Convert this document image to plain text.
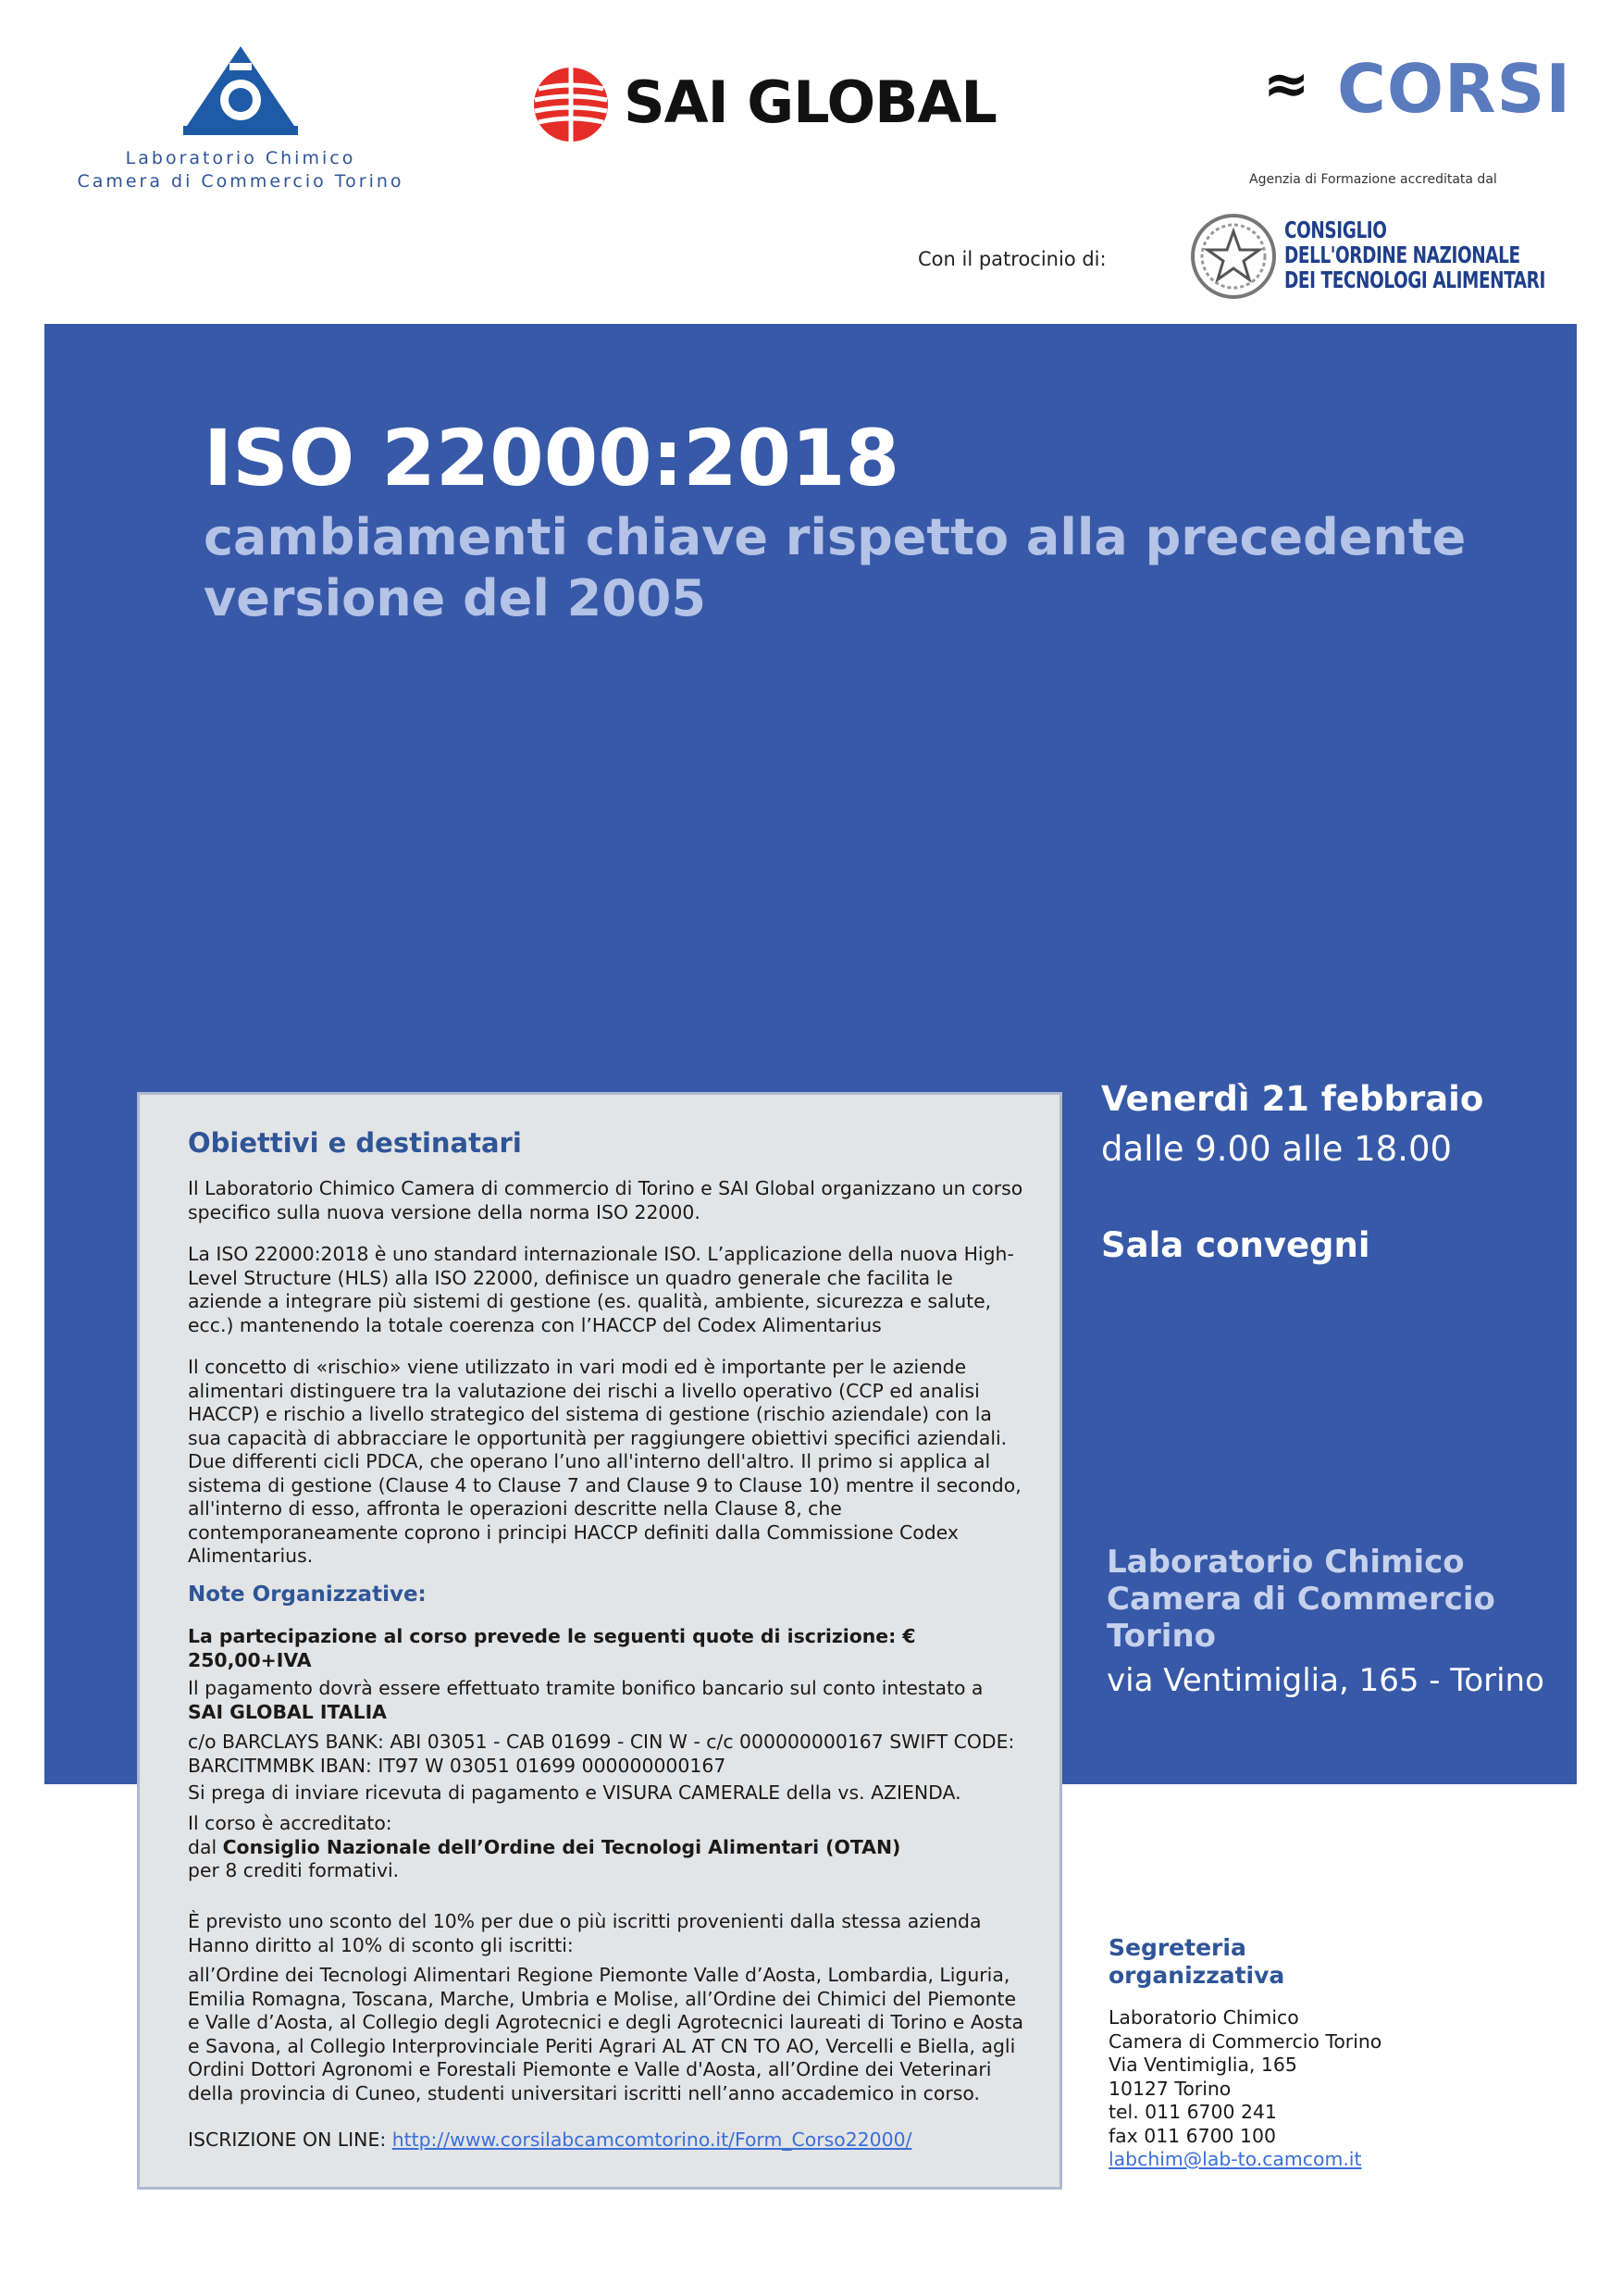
Laboratorio Chimico
Camera di Commercio Torino
SAI GLOBAL	≈ CORSI
Agenzia di Formazione accreditata dal
Con il patrocinio di:
CONSIGLIO
DELL'ORDINE NAZIONALE
DEI TECNOLOGI ALIMENTARI
ISO 22000:2018
cambiamenti chiave rispetto alla precedente versione del 2005
Venerdì 21 febbraio
dalle 9.00 alle 18.00
Sala convegni
Laboratorio Chimico Camera di Commercio Torino
via Ventimiglia, 165 - Torino
Obiettivi e destinatari
Il Laboratorio Chimico Camera di commercio di Torino e SAI Global organizzano un corso specifico sulla nuova versione della norma ISO 22000.
La ISO 22000:2018 è uno standard internazionale ISO. L’applicazione della nuova High-Level Structure (HLS) alla ISO 22000, definisce un quadro generale che facilita le aziende a integrare più sistemi di gestione (es. qualità, ambiente, sicurezza e salute, ecc.) mantenendo la totale coerenza con l’HACCP del Codex Alimentarius
Il concetto di «rischio» viene utilizzato in vari modi ed è importante per le aziende alimentari distinguere tra la valutazione dei rischi a livello operativo (CCP ed analisi HACCP) e rischio a livello strategico del sistema di gestione (rischio aziendale) con la sua capacità di abbracciare le opportunità per raggiungere obiettivi specifici aziendali. Due differenti cicli PDCA, che operano l’uno all'interno dell'altro. Il primo si applica al sistema di gestione (Clause 4 to Clause 7 and Clause 9 to Clause 10) mentre il secondo, all'interno di esso, affronta le operazioni descritte nella Clause 8, che contemporaneamente coprono i principi HACCP definiti dalla Commissione Codex Alimentarius.
Note Organizzative:
La partecipazione al corso prevede le seguenti quote di iscrizione: € 250,00+IVA
Il pagamento dovrà essere effettuato tramite bonifico bancario sul conto intestato a
SAI GLOBAL ITALIA
c/o BARCLAYS BANK: ABI 03051 - CAB 01699 - CIN W - c/c 000000000167 SWIFT CODE: BARCITMMBK IBAN: IT97 W 03051 01699 000000000167
Si prega di inviare ricevuta di pagamento e VISURA CAMERALE della vs. AZIENDA.
Il corso è accreditato:
dal Consiglio Nazionale dell’Ordine dei Tecnologi Alimentari (OTAN)
per 8 crediti formativi.
È previsto uno sconto del 10% per due o più iscritti provenienti dalla stessa azienda
Hanno diritto al 10% di sconto gli iscritti:
all’Ordine dei Tecnologi Alimentari Regione Piemonte Valle d’Aosta, Lombardia, Liguria, Emilia Romagna, Toscana, Marche, Umbria e Molise, all’Ordine dei Chimici del Piemonte e Valle d’Aosta, al Collegio degli Agrotecnici e degli Agrotecnici laureati di Torino e Aosta e Savona, al Collegio Interprovinciale Periti Agrari AL AT CN TO AO, Vercelli e Biella, agli Ordini Dottori Agronomi e Forestali Piemonte e Valle d'Aosta, all’Ordine dei Veterinari della provincia di Cuneo, studenti universitari iscritti nell’anno accademico in corso.
ISCRIZIONE ON LINE: http://www.corsilabcamcomtorino.it/Form_Corso22000/
Segreteria organizzativa
Laboratorio Chimico
Camera di Commercio Torino
Via Ventimiglia, 165
10127 Torino
tel. 011 6700 241
fax 011 6700 100
labchim@lab-to.camcom.it
